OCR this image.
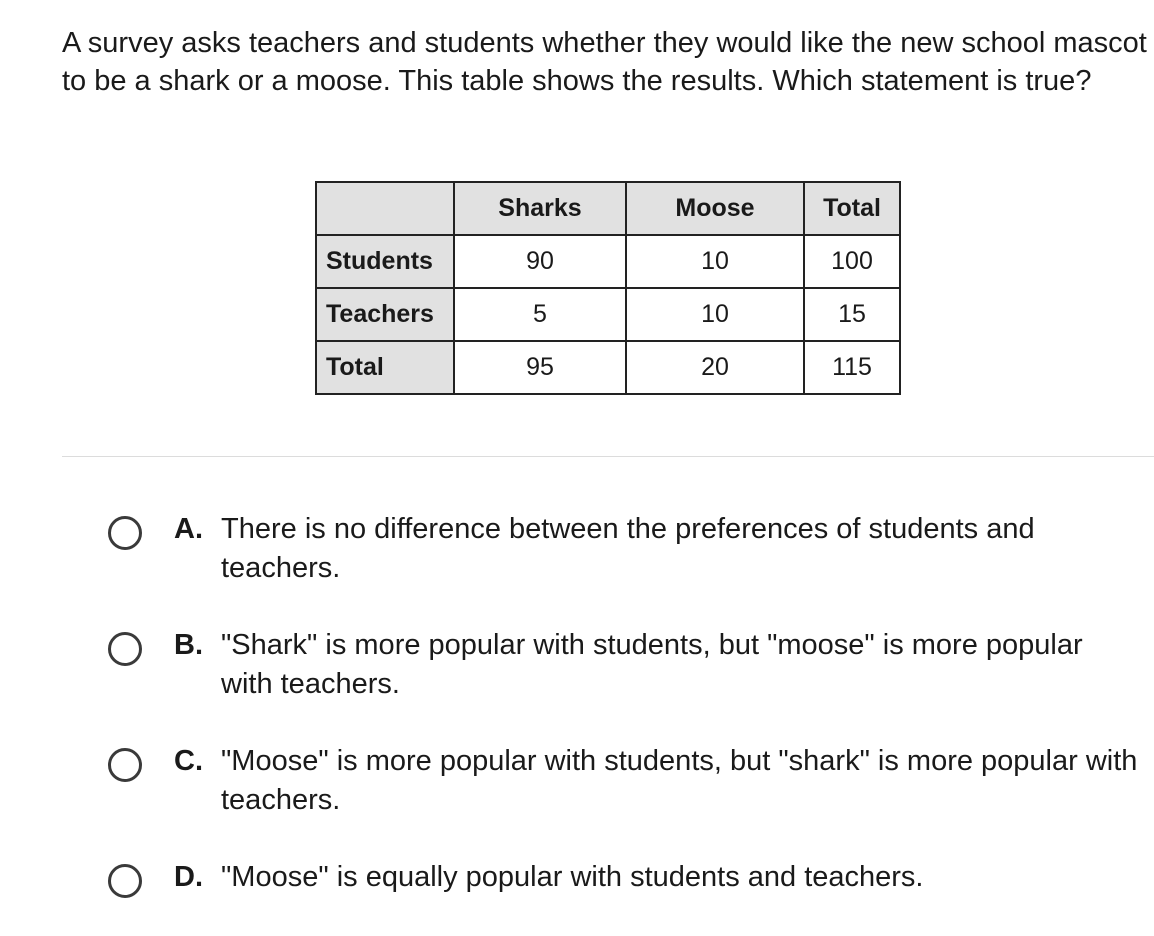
A survey asks teachers and students whether they would like the new school mascot to be a shark or a moose. This table shows the results. Which statement is true?

	Sharks	Moose	Total
Students	90	10	100
Teachers	5	10	15
Total	95	20	115
A. There is no difference between the preferences of students and teachers.
B. "Shark" is more popular with students, but "moose" is more popular with teachers.
C. "Moose" is more popular with students, but "shark" is more popular with teachers.
D. "Moose" is equally popular with students and teachers.
